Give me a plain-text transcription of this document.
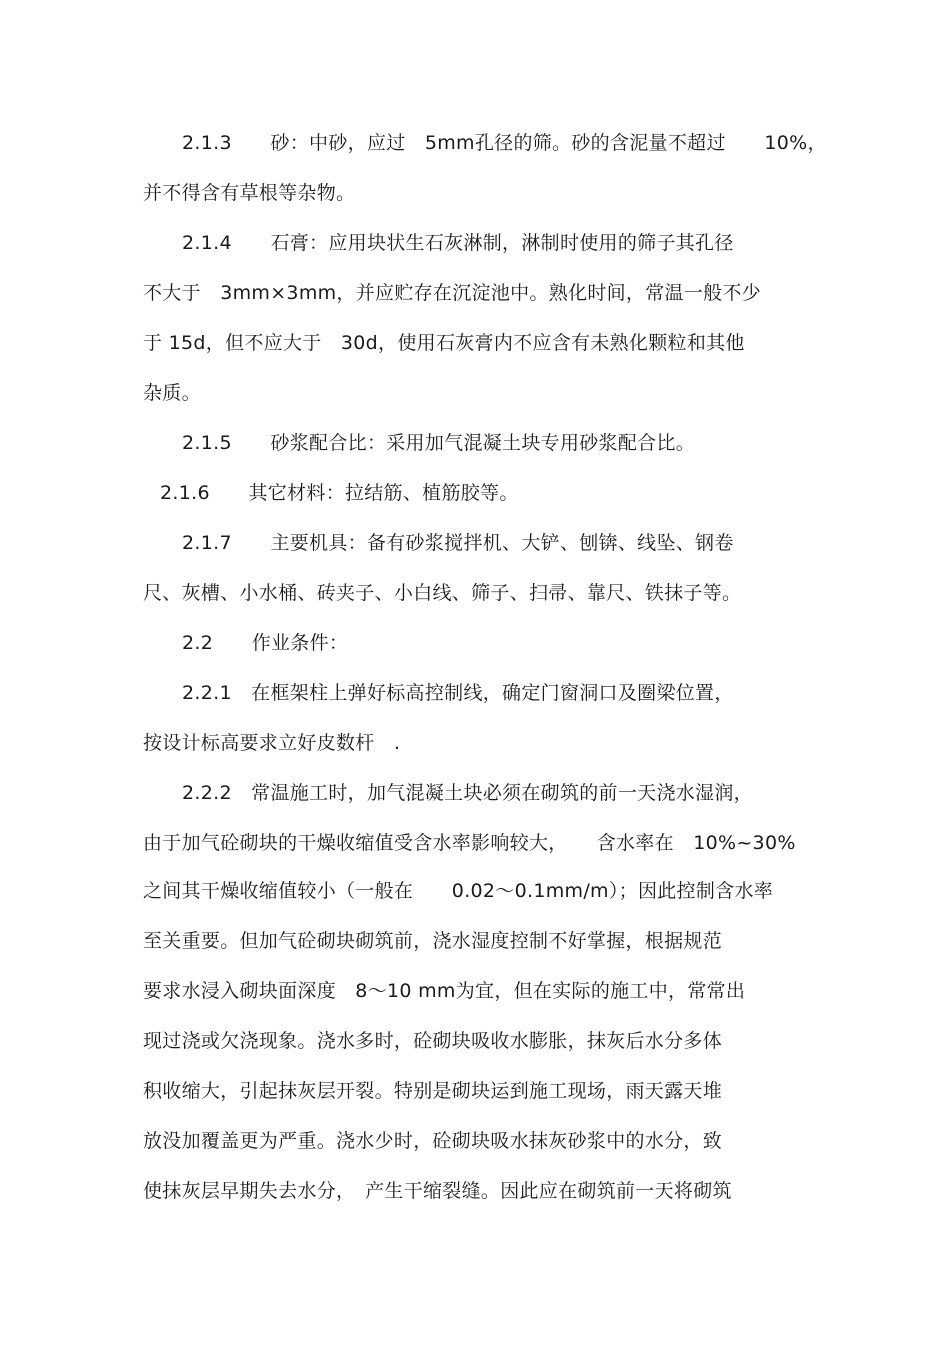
2.1.3　　砂：中砂，应过　5mm孔径的筛。砂的含泥量不超过　　10%，
并不得含有草根等杂物。
2.1.4　　石膏：应用块状生石灰淋制，淋制时使用的筛子其孔径
不大于　3mm×3mm，并应贮存在沉淀池中。熟化时间，常温一般不少
于 15d，但不应大于　30d，使用石灰膏内不应含有未熟化颗粒和其他
杂质。
2.1.5　　砂浆配合比：采用加气混凝土块专用砂浆配合比。
2.1.6　　其它材料：拉结筋、植筋胶等。
2.1.7　　主要机具：备有砂浆搅拌机、大铲、刨锛、线坠、钢卷
尺、灰槽、小水桶、砖夹子、小白线、筛子、扫帚、靠尺、铁抹子等。
2.2　　作业条件：
2.2.1　在框架柱上弹好标高控制线，确定门窗洞口及圈梁位置，
按设计标高要求立好皮数杆　.
2.2.2　常温施工时，加气混凝土块必须在砌筑的前一天浇水湿润，
由于加气砼砌块的干燥收缩值受含水率影响较大，　　含水率在　10%~30%
之间其干燥收缩值较小（一般在　　0.02～0.1mm/m）；因此控制含水率
至关重要。但加气砼砌块砌筑前，浇水湿度控制不好掌握，根据规范
要求水浸入砌块面深度　8～10 mm为宜，但在实际的施工中，常常出
现过浇或欠浇现象。浇水多时，砼砌块吸收水膨胀，抹灰后水分多体
积收缩大，引起抹灰层开裂。特别是砌块运到施工现场，雨天露天堆
放没加覆盖更为严重。浇水少时，砼砌块吸水抹灰砂浆中的水分，致
使抹灰层早期失去水分，　产生干缩裂缝。因此应在砌筑前一天将砌筑
